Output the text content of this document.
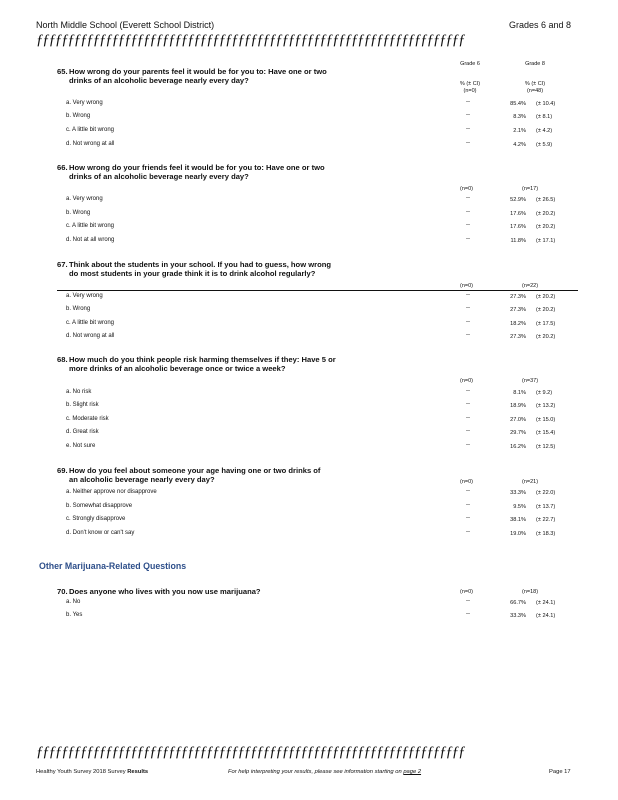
North Middle School (Everett School District)	Grades 6 and 8
ƒƒƒƒƒƒƒƒƒƒƒƒƒƒƒƒƒƒƒƒƒƒƒƒƒƒƒƒƒƒƒƒƒƒƒƒƒƒƒƒƒƒƒƒƒƒƒƒƒƒƒƒƒƒƒƒƒƒƒƒƒƒƒƒƒƒƒƒ
Grade 6	Grade 8
% (± CI)	% (± CI)
(n=0)	(n=48)
65. How wrong do your parents feel it would be for you to: Have one or two drinks of an alcoholic beverage nearly every day?
a. Very wrong	--	85.4% (± 10.4)
b. Wrong	--	8.3% (± 8.1)
c. A little bit wrong	--	2.1% (± 4.2)
d. Not wrong at all	--	4.2% (± 5.9)
66. How wrong do your friends feel it would be for you to: Have one or two drinks of an alcoholic beverage nearly every day?
(n=0)	(n=17)
a. Very wrong	--	52.9% (± 26.5)
b. Wrong	--	17.6% (± 20.2)
c. A little bit wrong	--	17.6% (± 20.2)
d. Not at all wrong	--	11.8% (± 17.1)
67. Think about the students in your school. If you had to guess, how wrong do most students in your grade think it is to drink alcohol regularly?
(n=0)	(n=22)
a. Very wrong	--	27.3% (± 20.2)
b. Wrong	--	27.3% (± 20.2)
c. A little bit wrong	--	18.2% (± 17.5)
d. Not wrong at all	--	27.3% (± 20.2)
68. How much do you think people risk harming themselves if they: Have 5 or more drinks of an alcoholic beverage once or twice a week?
(n=0)	(n=37)
a. No risk	--	8.1% (± 9.2)
b. Slight risk	--	18.9% (± 13.2)
c. Moderate risk	--	27.0% (± 15.0)
d. Great risk	--	29.7% (± 15.4)
e. Not sure	--	16.2% (± 12.5)
69. How do you feel about someone your age having one or two drinks of an alcoholic beverage nearly every day?	(n=0)	(n=21)
a. Neither approve nor disapprove	--	33.3% (± 22.0)
b. Somewhat disapprove	--	9.5% (± 13.7)
c. Strongly disapprove	--	38.1% (± 22.7)
d. Don't know or can't say	--	19.0% (± 18.3)
Other Marijuana-Related Questions
70. Does anyone who lives with you now use marijuana?	(n=0)	(n=18)
a. No	--	66.7% (± 24.1)
b. Yes	--	33.3% (± 24.1)
ƒƒƒƒƒƒƒƒƒƒƒƒƒƒƒƒƒƒƒƒƒƒƒƒƒƒƒƒƒƒƒƒƒƒƒƒƒƒƒƒƒƒƒƒƒƒƒƒƒƒƒƒƒƒƒƒƒƒƒƒƒƒƒƒƒƒƒƒ
Healthy Youth Survey 2018 Survey Results	For help interpreting your results, please see information starting on page 2	Page 17
